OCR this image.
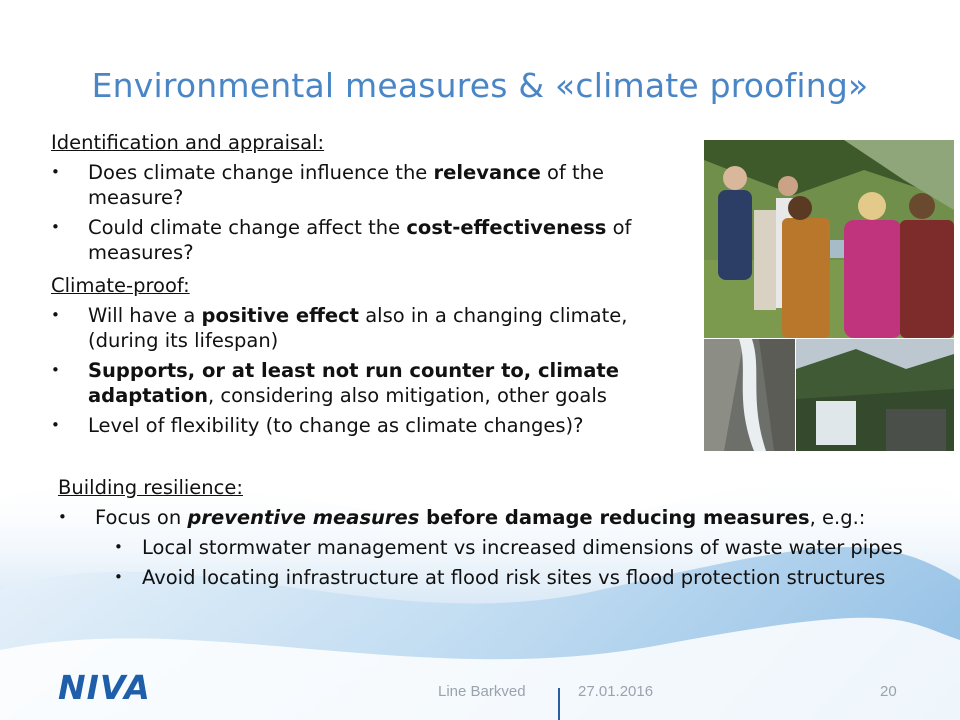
Environmental measures & «climate proofing»
Identification and appraisal:
• Does climate change influence the relevance of the measure?
• Could climate change affect the cost-effectiveness of measures?
Climate-proof:
• Will have a positive effect also in a changing climate, (during its lifespan)
• Supports, or at least not run counter to, climate adaptation, considering also mitigation, other goals
• Level of flexibility (to change as climate changes)?
Building resilience:
• Focus on preventive measures before damage reducing measures, e.g.:
• Local stormwater management vs increased dimensions of waste water pipes
• Avoid locating infrastructure at flood risk sites vs flood protection structures
NIVA	Line Barkved	27.01.2016	20
